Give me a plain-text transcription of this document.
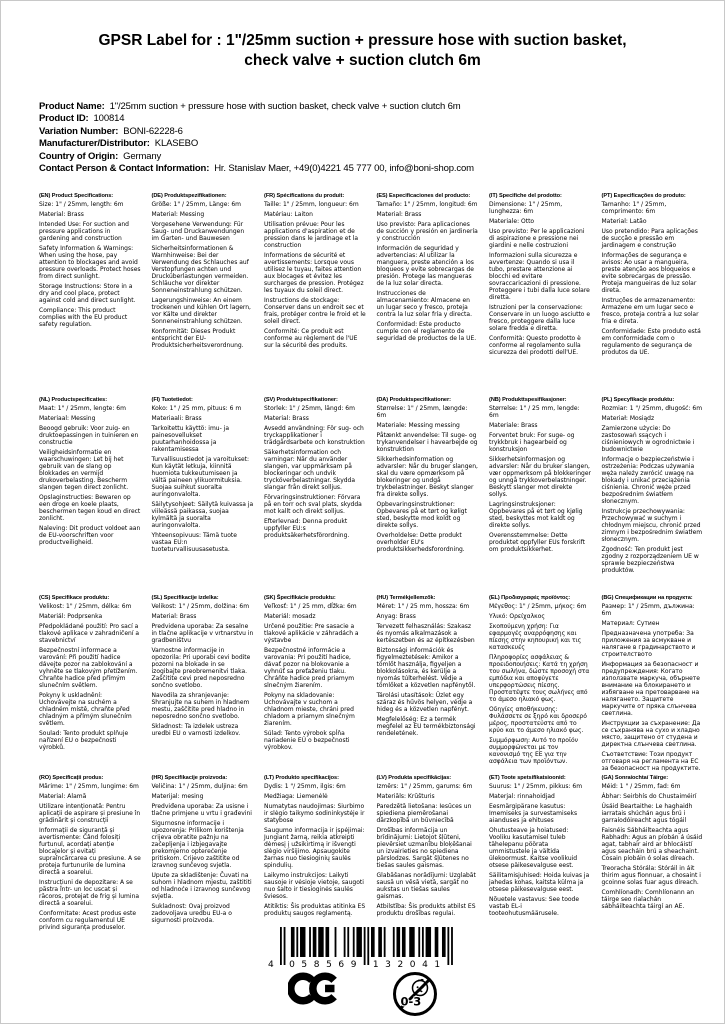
GPSR Label for : 1"/25mm suction + pressure hose with suction basket, check valve + suction clutch 6m
Product Name: 1"/25mm suction + pressure hose with suction basket, check valve + suction clutch 6m
Product ID: 100814
Variation Number: BONI-62228-6
Manufacturer/Distributor: KLASEBO
Country of Origin: Germany
Contact Person & Contact Information: Hr. Stanislav Maer, +49(0)4221 45 777 00, info@boni-shop.com
(EN) Product Specifications:
Size: 1" / 25mm, length: 6m
Material: Brass
Intended Use: For suction and pressure applications in gardening and construction
Safety Information & Warnings: When using the hose, pay attention to blockages and avoid pressure overloads. Protect hoses from direct sunlight.
Storage Instructions: Store in a dry and cool place, protect against cold and direct sunlight.
Compliance: This product complies with the EU product safety regulation.
(DE) Produktspezifikationen:
Größe: 1" / 25mm, Länge: 6m
Material: Messing
Vorgesehene Verwendung: Für Saug- und Druckanwendungen im Garten- und Bauwesen
Sicherheitsinformationen & Warnhinweise: Bei der Verwendung des Schlauches auf Verstopfungen achten und Drucküberlastungen vermeiden. Schläuche vor direkter Sonneneinstrahlung schützen.
Lagerungshinweise: An einem trockenen und kühlen Ort lagern, vor Kälte und direkter Sonneneinstrahlung schützen.
Konformität: Dieses Produkt entspricht der EU-Produktsicherheitsverordnung.
(FR) Spécifications du produit:
Taille: 1" / 25mm, longueur: 6m
Matériau: Laiton
Utilisation prévue: Pour les applications d'aspiration et de pression dans le jardinage et la construction
Informations de sécurité et avertissements: Lorsque vous utilisez le tuyau, faites attention aux blocages et évitez les surcharges de pression. Protégez les tuyaux du soleil direct.
Instructions de stockage: Conserver dans un endroit sec et frais, protéger contre le froid et le soleil direct.
Conformité: Ce produit est conforme au règlement de l'UE sur la sécurité des produits.
(ES) Especificaciones del producto:
Tamaño: 1" / 25mm, longitud: 6m
Material: Brass
Uso previsto: Para aplicaciones de succión y presión en jardinería y construcción
Información de seguridad y advertencias: Al utilizar la manguera, preste atención a los bloqueos y evite sobrecargas de presión. Protege las mangueras de la luz solar directa.
Instrucciones de almacenamiento: Almacene en un lugar seco y fresco, proteja contra la luz solar fría y directa.
Conformidad: Este producto cumple con el reglamento de seguridad de productos de la UE.
(IT) Specifiche del prodotto:
Dimensione: 1" / 25mm, lunghezza: 6m
Materiale: Otto
Uso previsto: Per le applicazioni di aspirazione e pressione nei giardini e nelle costruzioni
Informazioni sulla sicurezza e avvertenze: Quando si usa il tubo, prestare attenzione ai blocchi ed evitare sovraccaricazioni di pressione. Proteggere i tubi dalla luce solare diretta.
Istruzioni per la conservazione: Conservare in un luogo asciutto e fresco, proteggere dalla luce solare fredda e diretta.
Conformità: Questo prodotto è conforme al regolamento sulla sicurezza dei prodotti dell'UE.
(PT) Especificações do produto:
Tamanho: 1" / 25mm, comprimento: 6m
Material: Latão
Uso pretendido: Para aplicações de sucção e pressão em jardinagem e construção
Informações de segurança e avisos: Ao usar a mangueira, preste atenção aos bloqueios e evite sobrecargas de pressão. Proteja mangueiras de luz solar direta.
Instruções de armazenamento: Armazene em um lugar seco e fresco, proteja contra a luz solar fria e direta.
Conformidade: Este produto está em conformidade com o regulamento de segurança de produtos da UE.
(NL) Productspecificaties:
Maat: 1" / 25mm, lengte: 6m
Materiaal: Messing
Beoogd gebruik: Voor zuig- en druktoepassingen in tuinieren en constructie
Veiligheidsinformatie en waarschuwingen: Let bij het gebruik van de slang op blokkades en vermijd drukoverbelasting. Bescherm slangen tegen direct zonlicht.
Opslaginstructies: Bewaren op een droge en koele plaats, beschermen tegen koud en direct zonlicht.
Naleving: Dit product voldoet aan de EU-voorschriften voor productveiligheid.
(FI) Tuotetiedot:
Koko: 1" / 25 mm, pituus: 6 m
Materiaali: Brass
Tarkoitettu käyttö: imu- ja painesovellukset puutarhanhoidossa ja rakentamisessa
Turvallisuustiedot ja varoitukset: Kun käytät letkuja, kiinnitä huomiota tukkeutumiseen ja vältä paineen ylikuormituksia. Suojaa suihkut suoralta auringonvalolta.
Säilytysohjeet: Säilytä kuivassa ja viileässä paikassa, suojaa kylmältä ja suoralta auringonvalolta.
Yhteensopivuus: Tämä tuote vastaa EU:n tuoteturvallisuusasetusta.
(SV) Produktspecifikationer:
Storlek: 1" / 25mm, längd: 6m
Material: Brass
Avsedd användning: För sug- och tryckapplikationer i trädgårdsarbete och konstruktion
Säkerhetsinformation och varningar: När du använder slangen, var uppmärksam på blockeringar och undvik trycköverbelastningar. Skydda slangar från direkt solljus.
Förvaringsinstruktioner: Förvara på en torr och sval plats, skydda mot kallt och direkt solljus.
Efterlevnad: Denna produkt uppfyller EU:s produktsäkerhetsförordning.
(DA) Produktspecifikationer:
Størrelse: 1" / 25mm, længde: 6m
Materiale: Messing messing
Påtænkt anvendelse: Til suge- og trykanvendelser i havearbejde og konstruktion
Sikkerhedsinformation og advarsler: Når du bruger slangen, skal du være opmærksom på blokeringer og undgå trykbelastninger. Beskyt slanger fra direkte sollys.
Opbevaringsinstruktioner: Opbevares på et tørt og køligt sted, beskytte mod koldt og direkte sollys.
Overholdelse: Dette produkt overholder EU's produktsikkerhedsforordning.
(NB) Produkttspesifikasjoner:
Størrelse: 1" / 25 mm, lengde: 6m
Materiale: Brass
Forventet bruk: For suge- og trykkbruk i hagearbeid og konstruksjon
Sikkerhetsinformasjon og advarsler: Når du bruker slangen, vær oppmerksom på blokkeringer og unngå trykkoverbelastninger. Beskytt slanger mot direkte sollys.
Lagringsinstruksjoner: Oppbevares på et tørt og kjølig sted, beskyttes mot kaldt og direkte sollys.
Overensstemmelse: Dette produktet oppfyller EUs forskrift om produktsikkerhet.
(PL) Specyfikacje produktu:
Rozmiar: 1 "/ 25mm, długość: 6m
Materiał: Mosiądz
Zamierzone użycie: Do zastosowań ssących i ciśnieniowych w ogrodnictwie i budownictwie
Informacje o bezpieczeństwie i ostrzeżenia: Podczas używania węża należy zwrócić uwagę na blokady i unikać przeciążenia ciśnienia. Chronić węże przed bezpośrednim światłem słonecznym.
Instrukcje przechowywania: Przechowywać w suchym i chłodnym miejscu, chronić przed zimnym i bezpośrednim światłem słonecznym.
Zgodność: Ten produkt jest zgodny z rozporządzeniem UE w sprawie bezpieczeństwa produktów.
(CS) Specifikace produktu:
Velikost: 1" / 25mm, délka: 6m
Materiál: Podprsenka
Předpokládané použití: Pro sací a tlakové aplikace v zahradničení a stavebnictví
Bezpečnostní informace a varování: Při použití hadice dávejte pozor na zablokování a vyhněte se tlakovým přetížením. Chraňte hadice před přímým slunečním světlem.
Pokyny k uskladnění: Uchovávejte na suchém a chladném místě, chraňte před chladným a přímým slunečním světlem.
Soulad: Tento produkt splňuje nařízení EU o bezpečnosti výrobků.
(SL) Specifikacije izdelka:
Velikost: 1" / 25mm, dolžina: 6m
Material: Brass
Predvidena uporaba: Za sesalne in tlačne aplikacije v vrtnarstvu in gradbeništvu
Varnostne informacije in opozorila: Pri uporabi cevi bodite pozorni na blokade in se izogibajte preobremenitvi tlaka. Zaščitite cevi pred neposredno sončno svetlobo.
Navodila za shranjevanje: Shranjujte na suhem in hladnem mestu, zaščitite pred hladno in neposredno sončno svetlobo.
Skladnost: Ta izdelek ustreza uredbi EU o varnosti izdelkov.
(SK) Špecifikácie produktu:
Veľkosť: 1" / 25 mm, dĺžka: 6m
Materiál: mosadz
Určené použitie: Pre sasacie a tlakové aplikácie v záhradách a výstavbe
Bezpečnostné informácie a varovania: Pri použití hadice, dávať pozor na blokovanie a vyhnúť sa preťaženiu tlaku. Chráňte hadice pred priamym slnečným žiarením.
Pokyny na skladovanie: Uchovávajte v suchom a chladnom mieste, chráni pred chladom a priamym slnečným žiarením.
Súlad: Tento výrobok spĺňa nariadenie EÚ o bezpečnosti výrobkov.
(HU) Termékjellemzők:
Méret: 1" / 25 mm, hossza: 6m
Anyag: Brass
Tervezett felhasználás: Szakasz és nyomás alkalmazások a kertészetben és az építkezésben
Biztonsági információk és figyelmeztetések: Amikor a tömlőt használja, figyeljen a blokkolásokra, és kerülje a nyomás túlterhelést. Védje a tömlőket a közvetlen napfénytől.
Tárolási utasítások: Üzlet egy száraz és hűvös helyen, védje a hideg és a közvetlen napfényt.
Megfelelőség: Ez a termék megfelel az EU termékbiztonsági rendeletének.
(EL) Προδιαγραφές προϊόντος:
Μέγεθος: 1" / 25mm, μήκος: 6m
Υλικό: Ορείχαλκος
Σκοπούμενη χρήση: Για εφαρμογές αναρρόφησης και πίεσης στην κηπουρική και τις κατασκευές
Πληροφορίες ασφάλειας & προειδοποιήσεις: Κατά τη χρήση του σωλήνα, δώστε προσοχή στα εμπόδια και αποφύγετε υπερφορτώσεις πίεσης. Προστατέψτε τους σωλήνες από το άμεσο ηλιακό φως.
Οδηγίες αποθήκευσης: Φυλάσσετε σε ξηρό και δροσερό μέρος, προστατεύστε από το κρύο και το άμεσο ηλιακό φως.
Συμμόρφωση: Αυτό το προϊόν συμμορφώνεται με τον κανονισμό της ΕΕ για την ασφάλεια των προϊόντων.
(BG) Спецификации на продукта:
Размер: 1" / 25mm, дължина: 6m
Материал: Сутиен
Предназначена употреба: За приложения за всмукване и налягане в градинарството и строителството
Информация за безопасност и предупреждения: Когато използвате маркуча, обърнете внимание на блокирането и избягване на претоварване на налягането. Защитете маркучите от пряка слънчева светлина.
Инструкции за съхранение: Да се съхранява на сухо и хладно място, защитено от студена и директна слънчева светлина.
Съответствие: Този продукт отговаря на регламента на ЕС за безопасност на продуктите.
(RO) Specificații produs:
Mărime: 1" / 25mm, lungime: 6m
Material: Alamă
Utilizare intenționată: Pentru aplicații de aspirare și presiune în grădinărit și construcții
Informații de siguranță și avertismente: Când folosiți furtunul, acordați atenție blocajelor și evitați supraîncărcarea cu presiune. A se proteja furtunurile de lumina directă a soarelui.
Instrucțiuni de depozitare: A se păstra într- un loc uscat și răcoros, protejat de frig și lumina directă a soarelui.
Conformitate: Acest produs este conform cu regulamentul UE privind siguranța produselor.
(HR) Specifikacije proizvoda:
Veličina: 1" / 25mm, duljina: 6m
Materijal: mesing
Predviđena uporaba: Za usisne i tlačne primjene u vrtu i građevini
Sigurnosne informacije i upozorenja: Prilikom korištenja crijeva obratite pažnju na začepljenja i izbjegavajte prekomjerno opterećenje pritiskom. Crijevo zaštitite od izravnog sunčevog svjetla.
Upute za skladištenje: Čuvati na suhom i hladnom mjestu, zaštititi od hladnoće i izravnog sunčevog svjetla.
Sukladnost: Ovaj proizvod zadovoljava uredbu EU-a o sigurnosti proizvoda.
(LT) Produkto specifikacijos:
Dydis: 1 "/ 25mm, ilgis: 6m
Medžiaga: Liemenėlė
Numatytas naudojimas: Siurbimo ir slėgio taikymo sodininkystėje ir statybose
Saugumo informacija ir įspėjimai: Jungiant žarną, reikia atkreipti dėmesį į užsikirtimą ir išvengti slėgio viršijimo. Apsaugokite žarnas nuo tiesioginių saulės spindulių.
Laikymo instrukcijos: Laikyti sausoje ir vėsioje vietoje, saugoti nuo šalto ir tiesioginės saulės šviesos.
Atitiktis: Šis produktas atitinka ES produktų saugos reglamentą.
(LV) Produkta specifikācijas:
Izmērs: 1" / 25mm, garums: 6m
Materiāls: Krūšturis
Paredzētā lietošana: Iesūces un spiediena piemērošanai dārzkopībā un būvniecībā
Drošības informācija un brīdinājumi: Lietojot šļūteni, pievērsiet uzmanību bloķēšanai un izvairieties no spiediena pārslodzes. Sargāt šļūtenes no tiešas saules gaismas.
Glabāšanas norādījumi: Uzglabāt sausā un vēsā vietā, sargāt no aukstas un tiešas saules gaismas.
Atbilstība: Šis produkts atbilst ES produktu drošības regulai.
(ET) Toote spetsifikatsioonid:
Suurus: 1" / 25mm, pikkus: 6m
Materjal: rinnahoidjad
Eesmärgipärane kasutus: Imemiseks ja survestamiseks aianduses ja ehituses
Ohutusteave ja hoiatused: Vooliku kasutamisel tuleb tähelepanu pöörata ummistustele ja vältida ülekoormust. Kaitse voolikuid otsese päikesevalguse eest.
Säilitamisjuhised: Hoida kuivas ja jahedas kohas, kaitsta külma ja otsese päikesevalguse eest.
Nõuetele vastavus: See toode vastab EL-i tooteohutusmäärusele.
(GA) Sonraíochtaí Táirge:
Méid: 1 " / 25mm, fad: 6m
Ábhar: Seirbhís do Chustaiméirí
Úsáid Beartaithe: Le haghaidh iarratais shúchán agus brú i garraíodóireacht agus tógáil
Faisnéis Sábháilteachta agus Rabhadh: Agus an píobán á úsáid agat, tabhair aird ar bhlocáistí agus seacháin brú a sheachaint. Cosain píobáin ó solas díreach.
Treoracha Stórála: Stóráil in áit thirim agus fionnuar, a chosaint i gcoinne solas fuar agus díreach.
Comhlíonadh: Comhlíonann an táirge seo rialachán sábháilteachta táirgí an AE.
4 058569 132041
0-3
